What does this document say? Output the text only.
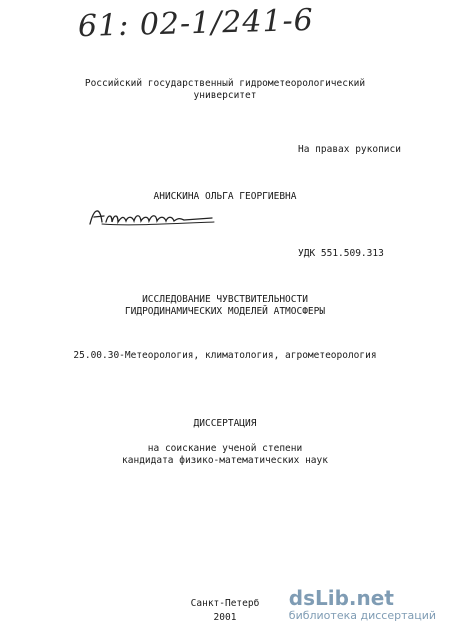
61: 02-1/241-6
Российский государственный гидрометеорологический
университет
На правах рукописи
АНИСКИНА ОЛЬГА ГЕОРГИЕВНА
УДК 551.509.313
ИССЛЕДОВАНИЕ ЧУВСТВИТЕЛЬНОСТИ
ГИДРОДИНАМИЧЕСКИХ МОДЕЛЕЙ АТМОСФЕРЫ
25.00.30-Метеорология, климатология, агрометеорология
ДИССЕРТАЦИЯ
на соискание ученой степени
кандидата физико-математических наук
Санкт-Петерб
2001
dsLib.net
библиотека диссертаций
